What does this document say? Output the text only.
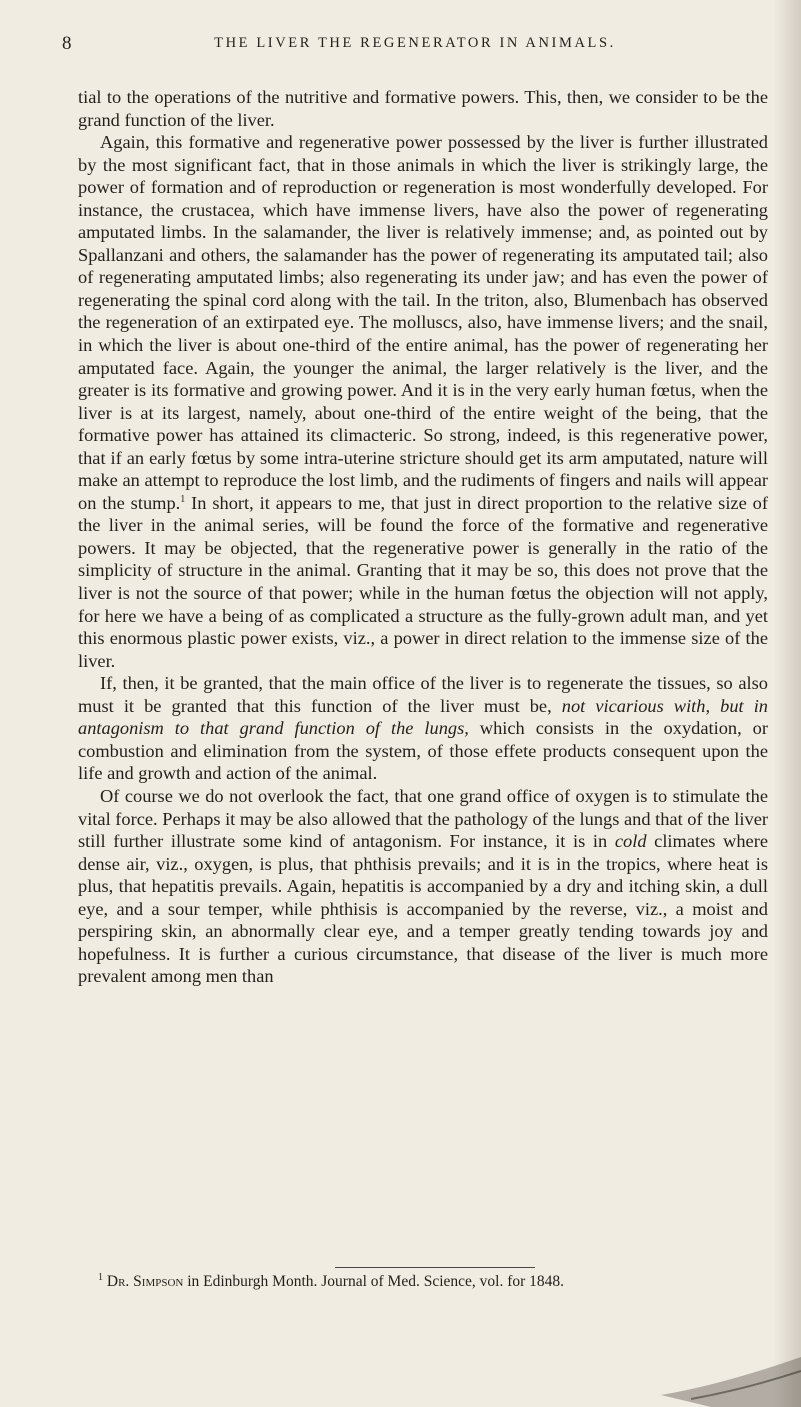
8	THE LIVER THE REGENERATOR IN ANIMALS.

tial to the operations of the nutritive and formative powers. This, then, we consider to be the grand function of the liver.

Again, this formative and regenerative power possessed by the liver is further illustrated by the most significant fact, that in those animals in which the liver is strikingly large, the power of formation and of reproduction or regeneration is most wonderfully developed. For instance, the crustacea, which have immense livers, have also the power of regenerating amputated limbs. In the salamander, the liver is relatively immense; and, as pointed out by Spallanzani and others, the salamander has the power of regenerating its amputated tail; also of regenerating amputated limbs; also regenerating its under jaw; and has even the power of regenerating the spinal cord along with the tail. In the triton, also, Blumenbach has observed the regeneration of an extirpated eye. The molluscs, also, have immense livers; and the snail, in which the liver is about one-third of the entire animal, has the power of regenerating her amputated face. Again, the younger the animal, the larger relatively is the liver, and the greater is its formative and growing power. And it is in the very early human fœtus, when the liver is at its largest, namely, about one-third of the entire weight of the being, that the formative power has attained its climacteric. So strong, indeed, is this regenerative power, that if an early fœtus by some intra-uterine stricture should get its arm amputated, nature will make an attempt to reproduce the lost limb, and the rudiments of fingers and nails will appear on the stump.$^1$ In short, it appears to me, that just in direct proportion to the relative size of the liver in the animal series, will be found the force of the formative and regenerative powers. It may be objected, that the regenerative power is generally in the ratio of the simplicity of structure in the animal. Granting that it may be so, this does not prove that the liver is not the source of that power; while in the human fœtus the objection will not apply, for here we have a being of as complicated a structure as the fully-grown adult man, and yet this enormous plastic power exists, viz., a power in direct relation to the immense size of the liver.

If, then, it be granted, that the main office of the liver is to regenerate the tissues, so also must it be granted that this function of the liver must be, not vicarious with, but in antagonism to that grand function of the lungs, which consists in the oxydation, or combustion and elimination from the system, of those effete products consequent upon the life and growth and action of the animal.

Of course we do not overlook the fact, that one grand office of oxygen is to stimulate the vital force. Perhaps it may be also allowed that the pathology of the lungs and that of the liver still further illustrate some kind of antagonism. For instance, it is in cold climates where dense air, viz., oxygen, is plus, that phthisis prevails; and it is in the tropics, where heat is plus, that hepatitis prevails. Again, hepatitis is accompanied by a dry and itching skin, a dull eye, and a sour temper, while phthisis is accompanied by the reverse, viz., a moist and perspiring skin, an abnormally clear eye, and a temper greatly tending towards joy and hopefulness. It is further a curious circumstance, that disease of the liver is much more prevalent among men than

$^1$ Dr. Simpson in Edinburgh Month. Journal of Med. Science, vol. for 1848.
